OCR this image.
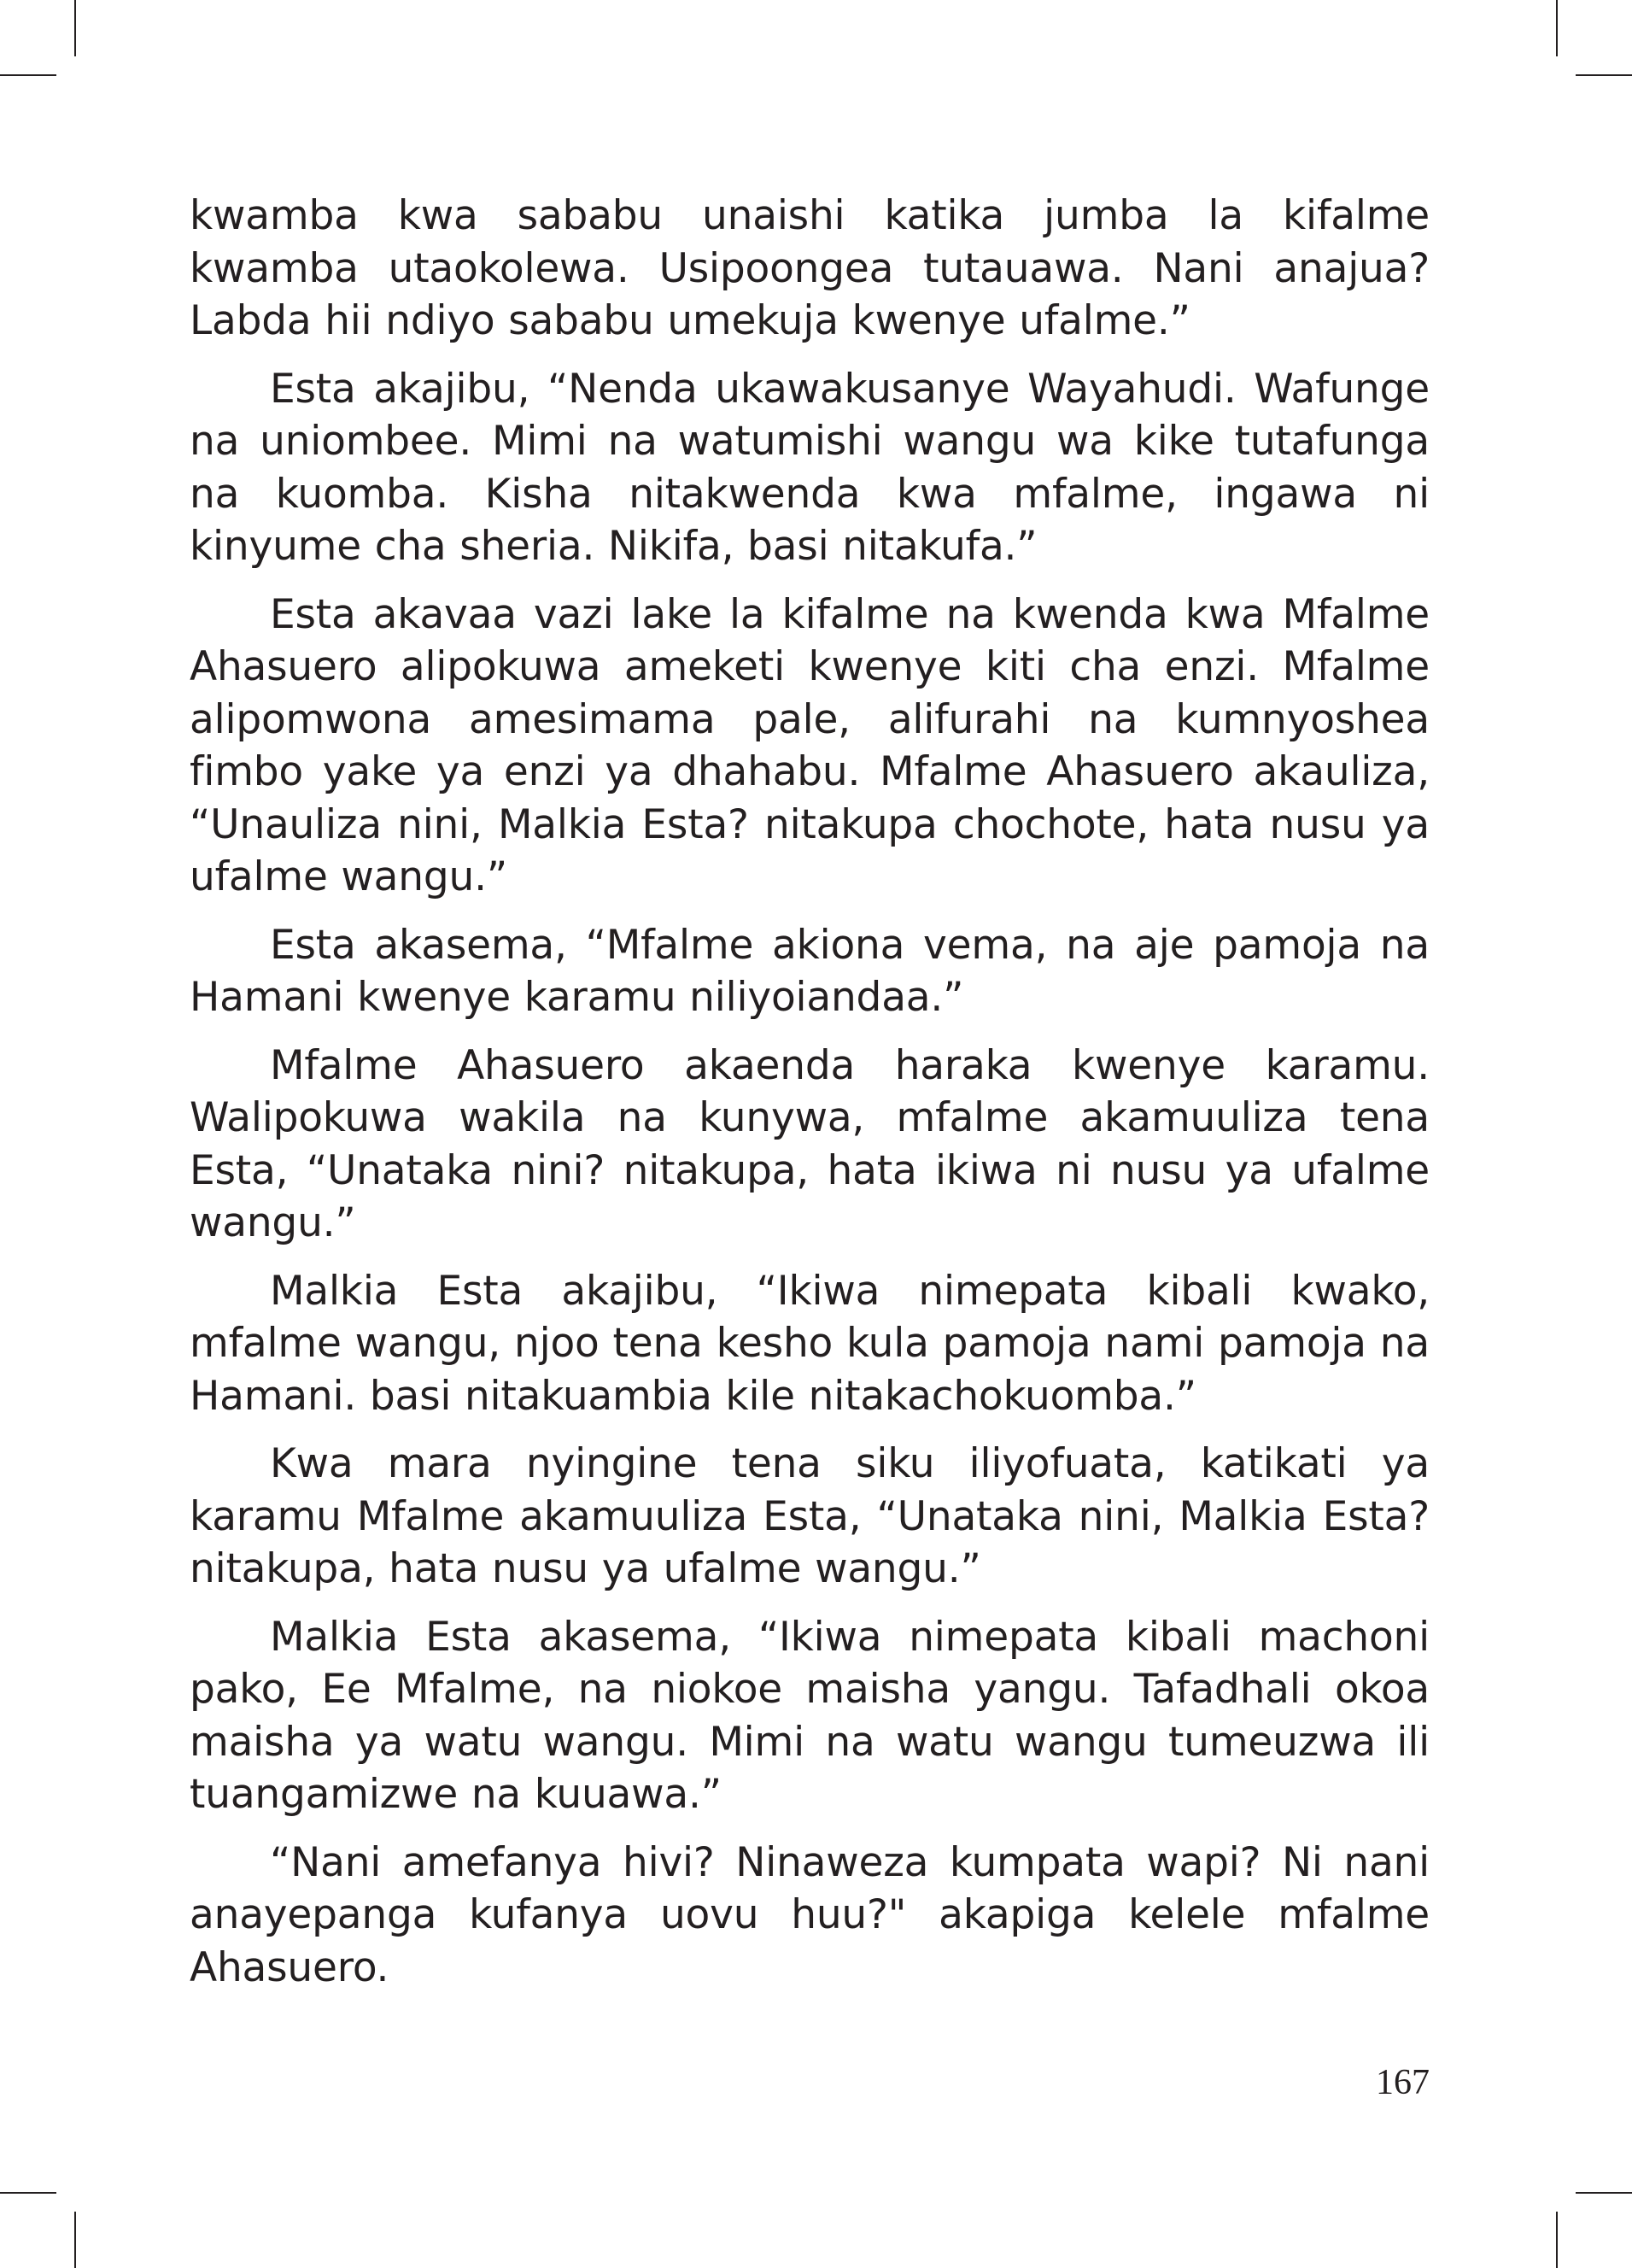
kwamba kwa sababu unaishi katika jumba la kifalme kwamba utaokolewa. Usipoongea tutauawa. Nani anajua? Labda hii ndiyo sababu umekuja kwenye ufalme.”

Esta akajibu, “Nenda ukawakusanye Wayahudi. Wafunge na uniombee. Mimi na watumishi wangu wa kike tutafunga na kuomba. Kisha nitakwenda kwa mfalme, ingawa ni kinyume cha sheria. Nikifa, basi nitakufa.”

Esta akavaa vazi lake la kifalme na kwenda kwa Mfalme Ahasuero alipokuwa ameketi kwenye kiti cha enzi. Mfalme alipomwona amesimama pale, alifurahi na kumnyoshea fimbo yake ya enzi ya dhahabu. Mfalme Ahasuero akauliza, “Unauliza nini, Malkia Esta? nitakupa chochote, hata nusu ya ufalme wangu.”

Esta akasema, “Mfalme akiona vema, na aje pamoja na Hamani kwenye karamu niliyoiandaa.”

Mfalme Ahasuero akaenda haraka kwenye karamu. Walipokuwa wakila na kunywa, mfalme akamuuliza tena Esta, “Unataka nini? nitakupa, hata ikiwa ni nusu ya ufalme wangu.”

Malkia Esta akajibu, “Ikiwa nimepata kibali kwako, mfalme wangu, njoo tena kesho kula pamoja nami pamoja na Hamani. basi nitakuambia kile nitakachokuomba.”

Kwa mara nyingine tena siku iliyofuata, katikati ya karamu Mfalme akamuuliza Esta, “Unataka nini, Malkia Esta? nitakupa, hata nusu ya ufalme wangu.”

Malkia Esta akasema, “Ikiwa nimepata kibali machoni pako, Ee Mfalme, na niokoe maisha yangu. Tafadhali okoa maisha ya watu wangu. Mimi na watu wangu tumeuzwa ili tuangamizwe na kuuawa.”

“Nani amefanya hivi? Ninaweza kumpata wapi? Ni nani anayepanga kufanya uovu huu?" akapiga kelele mfalme Ahasuero.

167
